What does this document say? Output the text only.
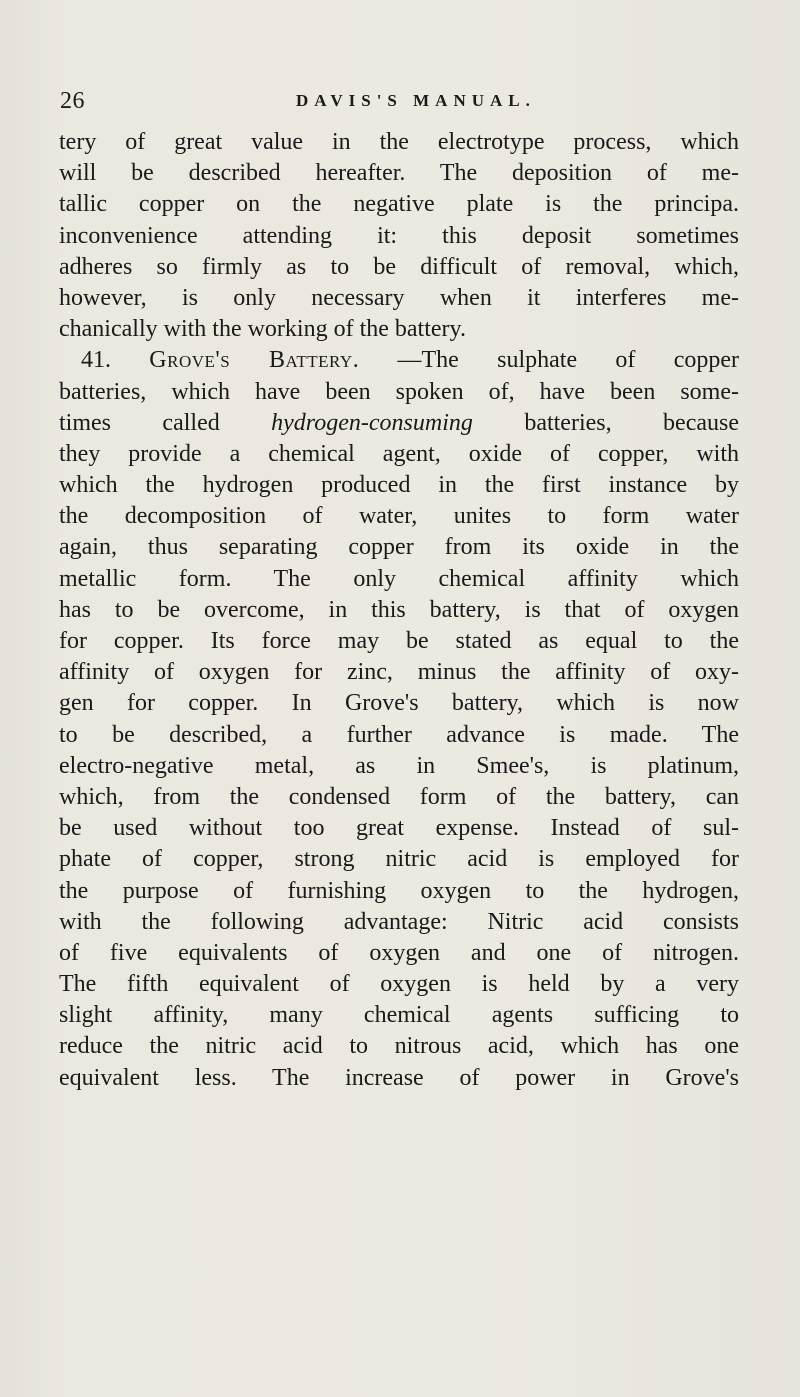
26	DAVIS'S MANUAL.
tery of great value in the electrotype process, which
will be described hereafter. The deposition of me-
tallic copper on the negative plate is the principa.
inconvenience attending it: this deposit sometimes
adheres so firmly as to be difficult of removal, which,
however, is only necessary when it interferes me-
chanically with the working of the battery.
41. Grove's Battery. —The sulphate of copper
batteries, which have been spoken of, have been some-
times called hydrogen-consuming batteries, because
they provide a chemical agent, oxide of copper, with
which the hydrogen produced in the first instance by
the decomposition of water, unites to form water
again, thus separating copper from its oxide in the
metallic form. The only chemical affinity which
has to be overcome, in this battery, is that of oxygen
for copper. Its force may be stated as equal to the
affinity of oxygen for zinc, minus the affinity of oxy-
gen for copper. In Grove's battery, which is now
to be described, a further advance is made. The
electro-negative metal, as in Smee's, is platinum,
which, from the condensed form of the battery, can
be used without too great expense. Instead of sul-
phate of copper, strong nitric acid is employed for
the purpose of furnishing oxygen to the hydrogen,
with the following advantage: Nitric acid consists
of five equivalents of oxygen and one of nitrogen.
The fifth equivalent of oxygen is held by a very
slight affinity, many chemical agents sufficing to
reduce the nitric acid to nitrous acid, which has one
equivalent less. The increase of power in Grove's
